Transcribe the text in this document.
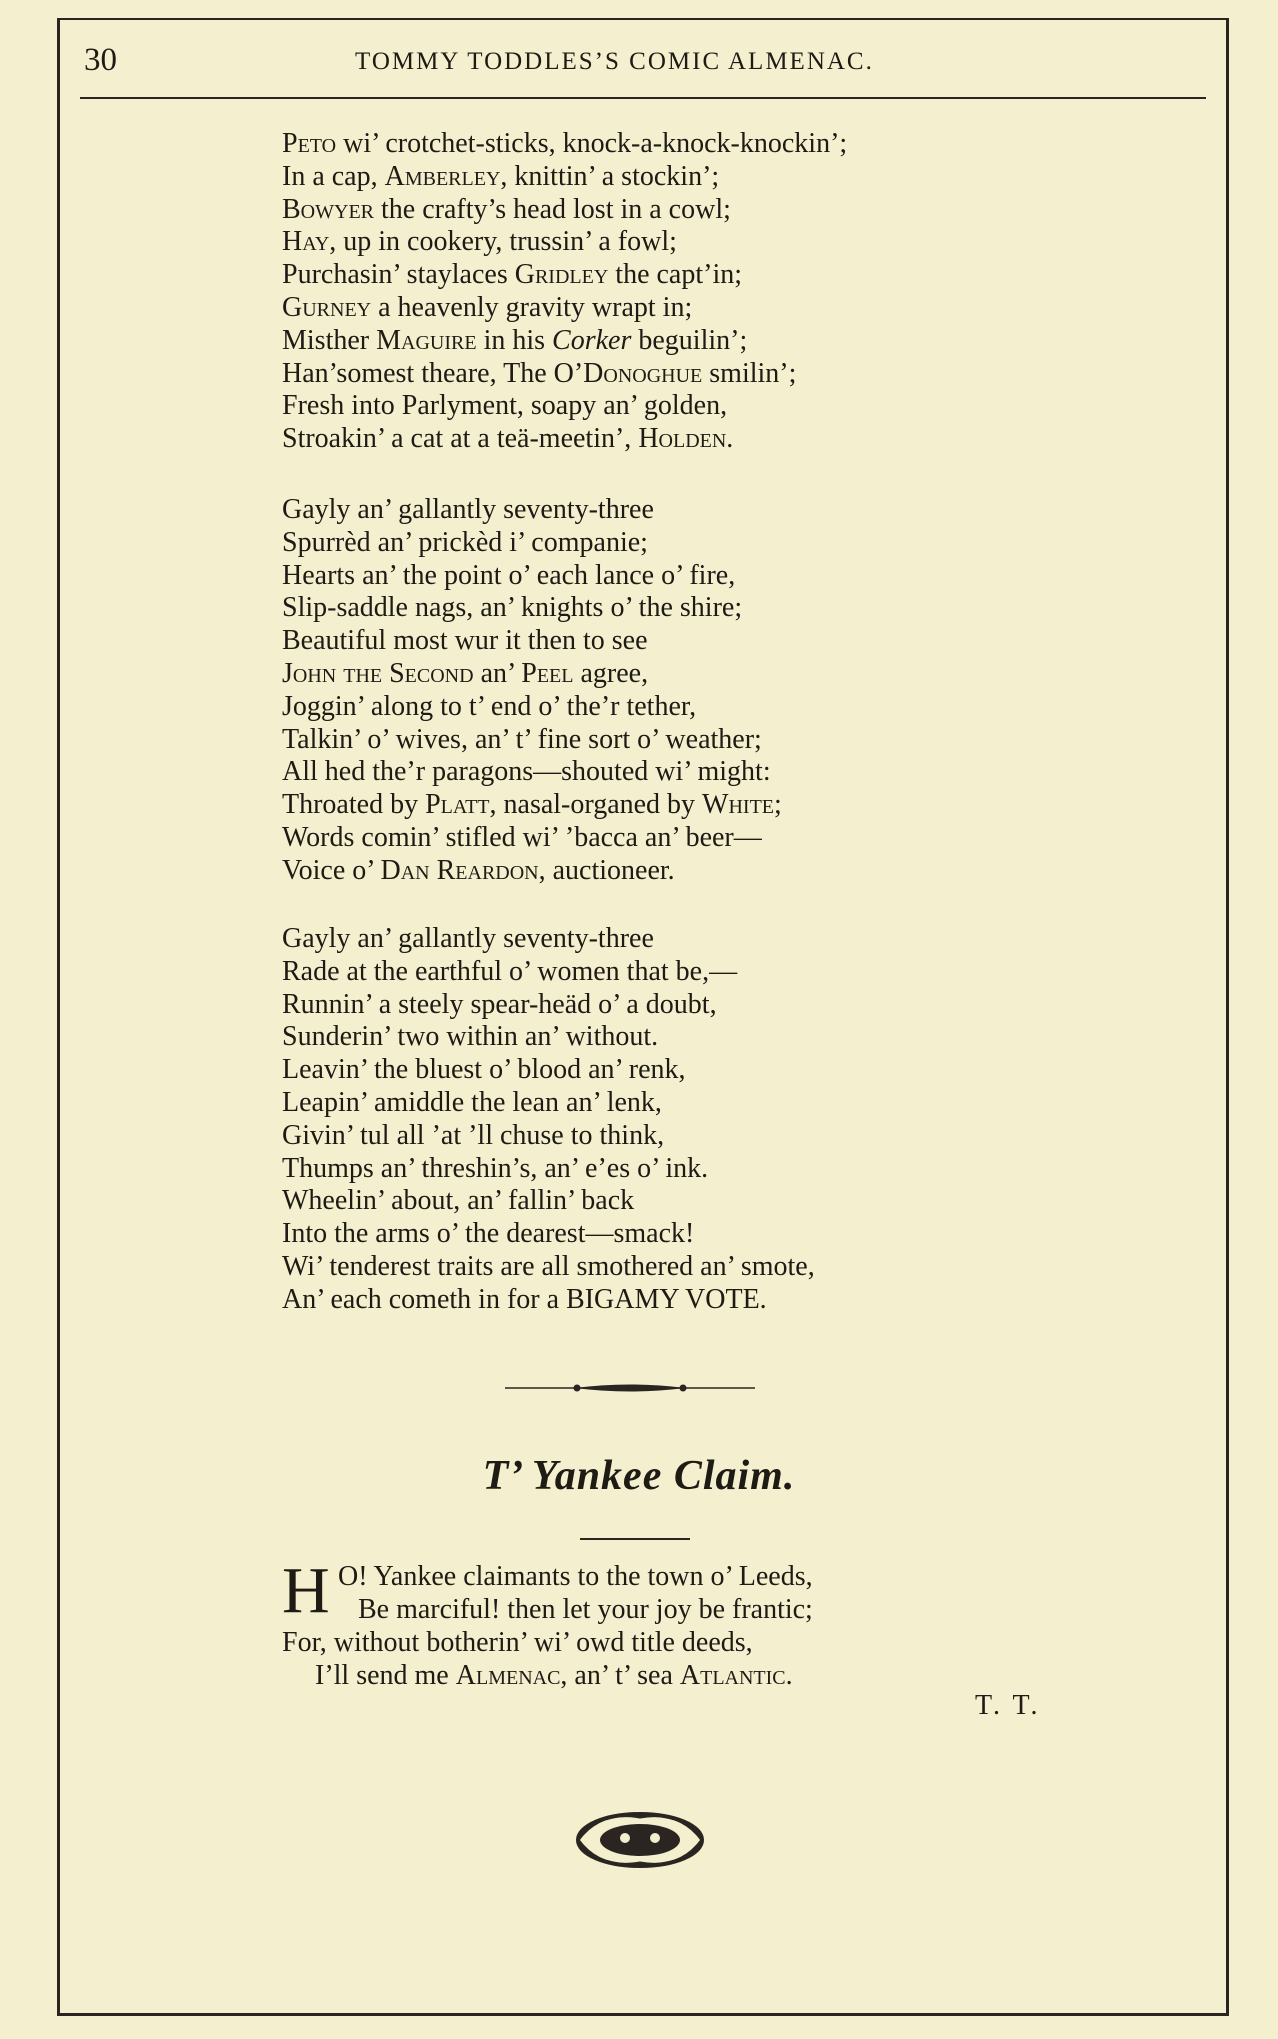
30	TOMMY TODDLES’S COMIC ALMENAC.
Peto wi’ crotchet-sticks, knock-a-knock-knockin’;
In a cap, Amberley, knittin’ a stockin’;
Bowyer the crafty’s head lost in a cowl;
Hay, up in cookery, trussin’ a fowl;
Purchasin’ staylaces Gridley the capt’in;
Gurney a heavenly gravity wrapt in;
Misther Maguire in his Corker beguilin’;
Han’somest theare, The O’Donoghue smilin’;
Fresh into Parlyment, soapy an’ golden,
Stroakin’ a cat at a teä-meetin’, Holden.
Gayly an’ gallantly seventy-three
Spurrèd an’ prickèd i’ companie;
Hearts an’ the point o’ each lance o’ fire,
Slip-saddle nags, an’ knights o’ the shire;
Beautiful most wur it then to see
John the Second an’ Peel agree,
Joggin’ along to t’ end o’ the’r tether,
Talkin’ o’ wives, an’ t’ fine sort o’ weather;
All hed the’r paragons—shouted wi’ might:
Throated by Platt, nasal-organed by White;
Words comin’ stifled wi’ ’bacca an’ beer—
Voice o’ Dan Reardon, auctioneer.
Gayly an’ gallantly seventy-three
Rade at the earthful o’ women that be,—
Runnin’ a steely spear-heäd o’ a doubt,
Sunderin’ two within an’ without.
Leavin’ the bluest o’ blood an’ renk,
Leapin’ amiddle the lean an’ lenk,
Givin’ tul all ’at ’ll chuse to think,
Thumps an’ threshin’s, an’ e’es o’ ink.
Wheelin’ about, an’ fallin’ back
Into the arms o’ the dearest—smack!
Wi’ tenderest traits are all smothered an’ smote,
An’ each cometh in for a BIGAMY VOTE.
T’ Yankee Claim.
H O! Yankee claimants to the town o’ Leeds,
Be marciful! then let your joy be frantic;
For, without botherin’ wi’ owd title deeds,
I’ll send me Almenac, an’ t’ sea Atlantic.
T. T.
